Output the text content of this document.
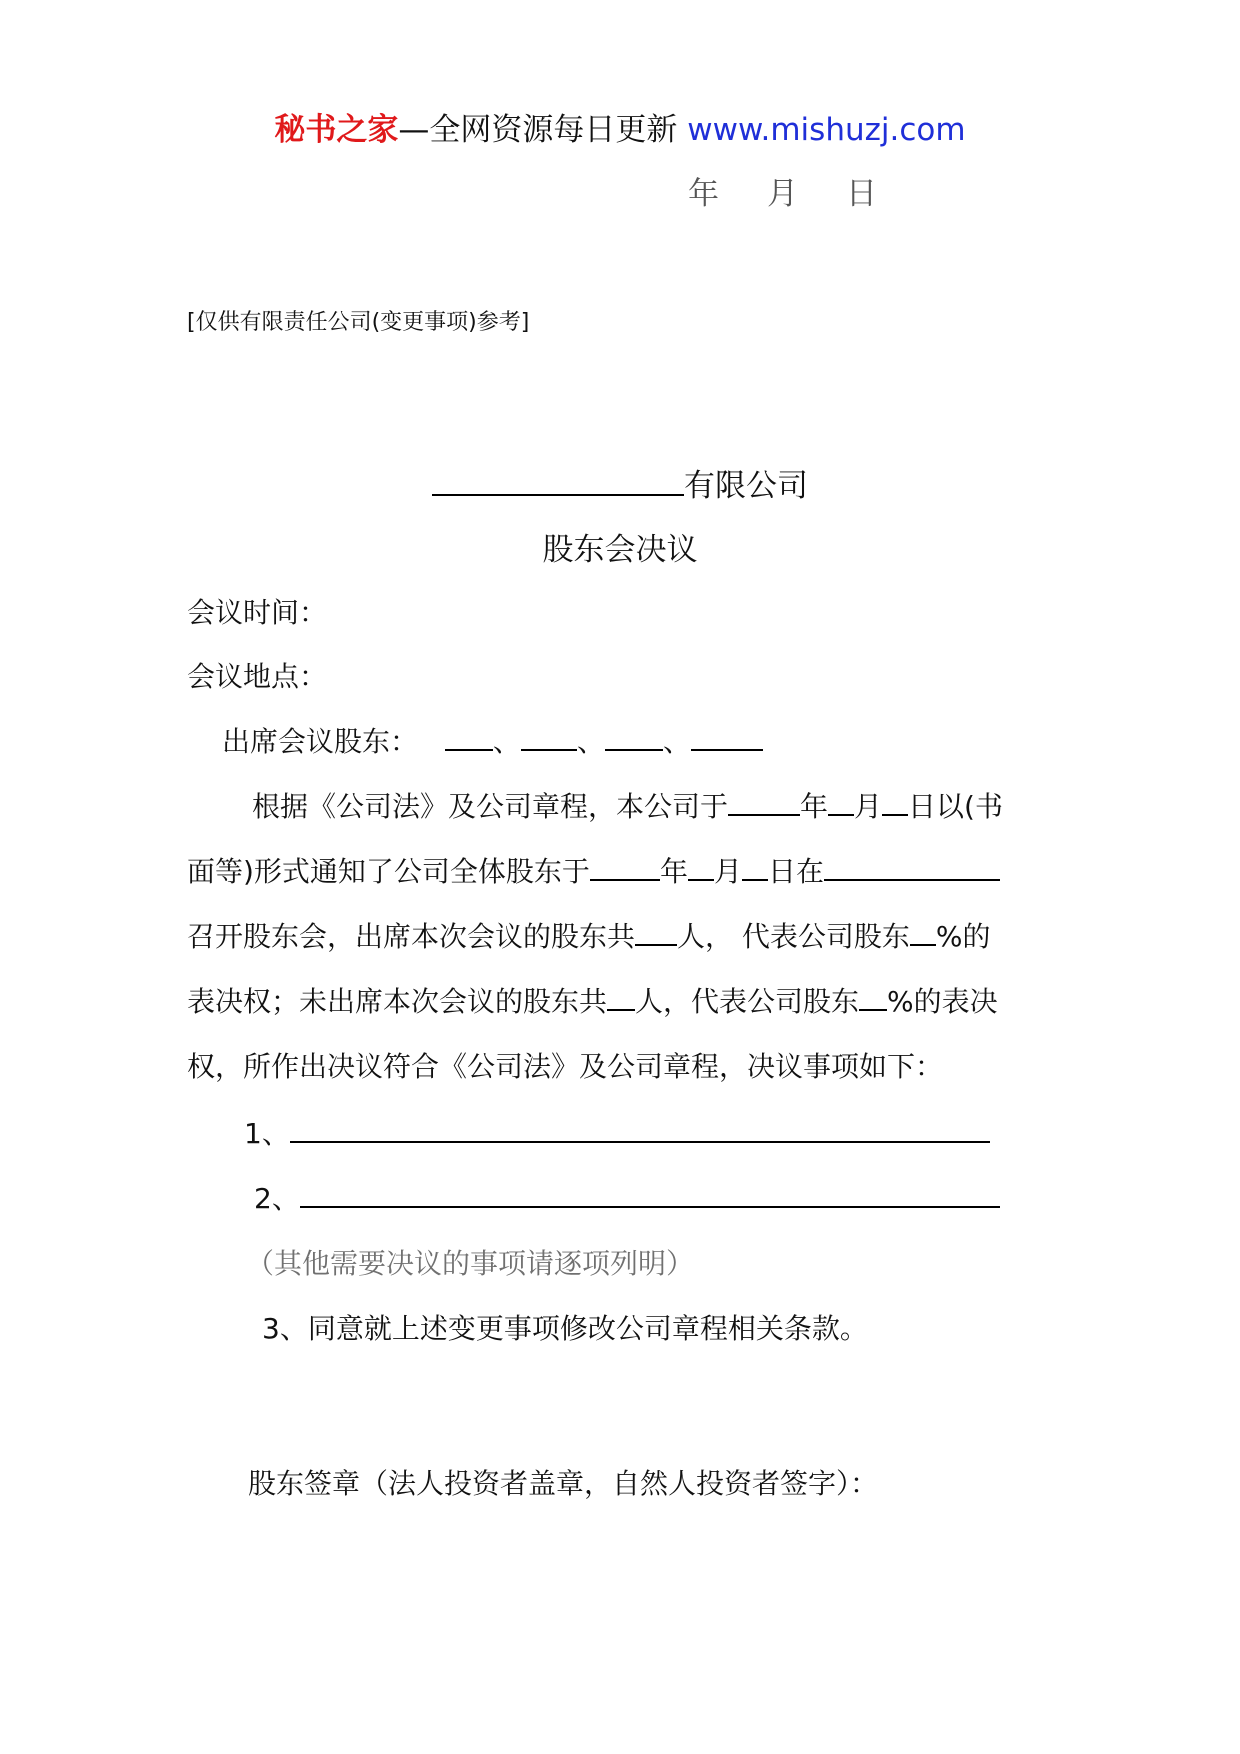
秘书之家—全网资源每日更新 www.mishuzj.com
年 月 日
[仅供有限责任公司(变更事项)参考]
有限公司
股东会决议
会议时间：
会议地点：
出席会议股东：	、 、 、
根据《公司法》及公司章程，本公司于	年 月 日以(书
面等)形式通知了公司全体股东于	年 月 日在
召开股东会，出席本次会议的股东共 人， 代表公司股东 %的
表决权；未出席本次会议的股东共 人，代表公司股东 %的表决
权，所作出决议符合《公司法》及公司章程，决议事项如下：
1、
2、
（其他需要决议的事项请逐项列明）
3、同意就上述变更事项修改公司章程相关条款。
股东签章（法人投资者盖章，自然人投资者签字）：
